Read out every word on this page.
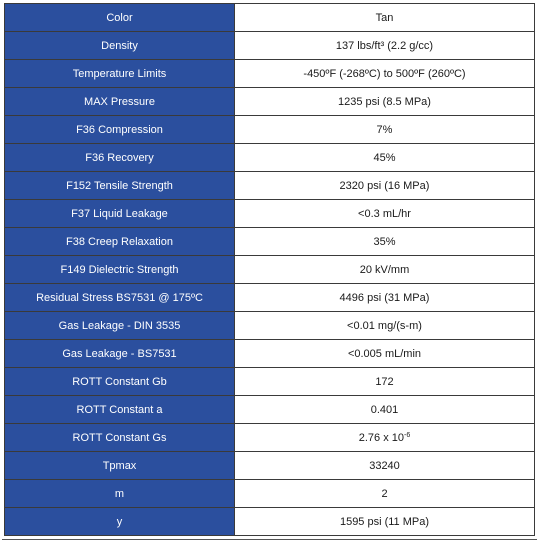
Color	Tan
Density	137 lbs/ft³ (2.2 g/cc)
Temperature Limits	-450ºF (-268ºC) to 500ºF (260ºC)
MAX Pressure	1235 psi (8.5 MPa)
F36 Compression	7%
F36 Recovery	45%
F152 Tensile Strength	2320 psi (16 MPa)
F37 Liquid Leakage	<0.3 mL/hr
F38 Creep Relaxation	35%
F149 Dielectric Strength	20 kV/mm
Residual Stress BS7531 @ 175ºC	4496 psi (31 MPa)
Gas Leakage - DIN 3535	<0.01 mg/(s-m)
Gas Leakage - BS7531	<0.005 mL/min
ROTT Constant Gb	172
ROTT Constant a	0.401
ROTT Constant Gs	2.76 x $10^{-6}$
Tpmax	33240
m	2
y	1595 psi (11 MPa)
